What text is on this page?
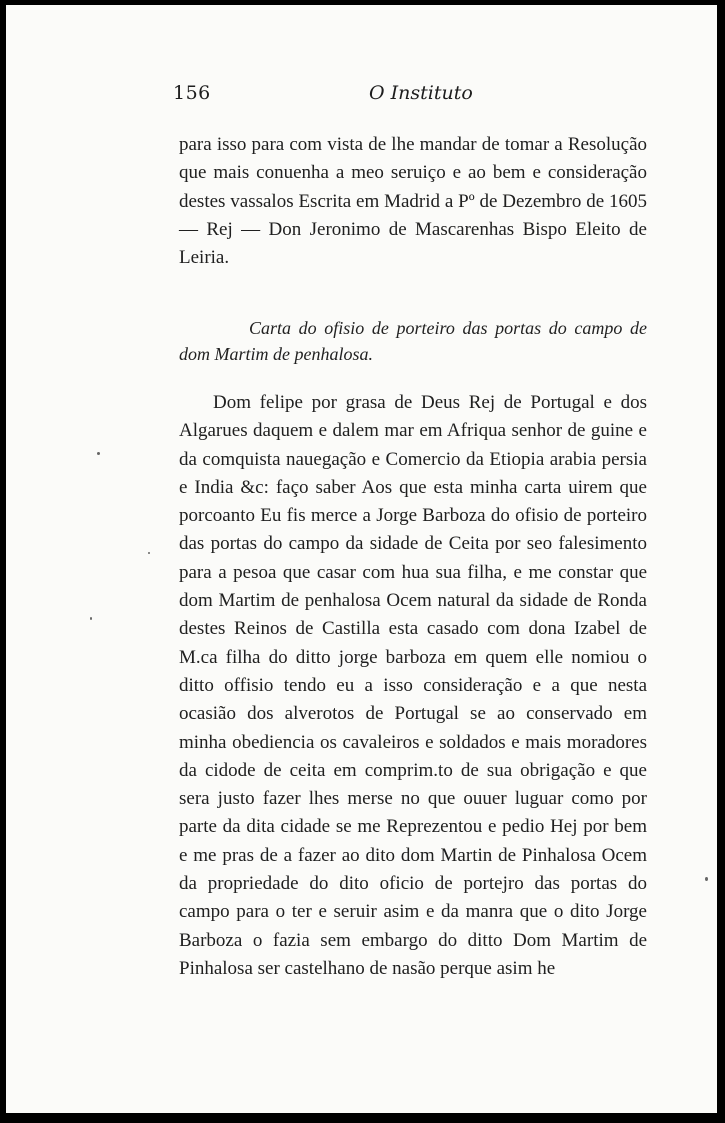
156	O Instituto

para isso para com vista de lhe mandar de tomar a Resolução que mais conuenha a meo seruiço e ao bem e consideração destes vassalos Escrita em Madrid a Pº de Dezembro de 1605 — Rej — Don Jeronimo de Mascarenhas Bispo Eleito de Leiria.

Carta do ofisio de porteiro das portas do campo de dom Martim de penhalosa.

Dom felipe por grasa de Deus Rej de Portugal e dos Algarues daquem e dalem mar em Afriqua senhor de guine e da comquista nauegação e Comercio da Etiopia arabia persia e India &c: faço saber Aos que esta minha carta uirem que porcoanto Eu fis merce a Jorge Barboza do ofisio de porteiro das portas do campo da sidade de Ceita por seo falesimento para a pesoa que casar com hua sua filha, e me constar que dom Martim de penhalosa Ocem natural da sidade de Ronda destes Reinos de Castilla esta casado com dona Izabel de M.ca filha do ditto jorge barboza em quem elle nomiou o ditto offisio tendo eu a isso consideração e a que nesta ocasião dos alverotos de Portugal se ao conservado em minha obediencia os cavaleiros e soldados e mais moradores da cidode de ceita em comprim.to de sua obrigação e que sera justo fazer lhes merse no que ouuer luguar como por parte da dita cidade se me Reprezentou e pedio Hej por bem e me pras de a fazer ao dito dom Martin de Pinhalosa Ocem da propriedade do dito oficio de portejro das portas do campo para o ter e seruir asim e da manra que o dito Jorge Barboza o fazia sem embargo do ditto Dom Martim de Pinhalosa ser castelhano de nasão perque asim he
